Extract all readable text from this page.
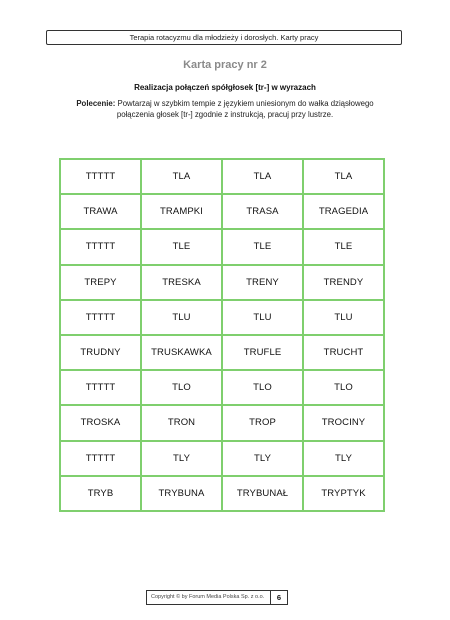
Terapia rotacyzmu dla młodzieży i dorosłych. Karty pracy
Karta pracy nr 2
Realizacja połączeń spółgłosek [tr-] w wyrazach
Polecenie: Powtarzaj w szybkim tempie z językiem uniesionym do wałka dziąsłowego połączenia głosek [tr-] zgodnie z instrukcją, pracuj przy lustrze.
TTTTT	TLA	TLA	TLA
TRAWA	TRAMPKI	TRASA	TRAGEDIA
TTTTT	TLE	TLE	TLE
TREPY	TRESKA	TRENY	TRENDY
TTTTT	TLU	TLU	TLU
TRUDNY	TRUSKAWKA	TRUFLE	TRUCHT
TTTTT	TLO	TLO	TLO
TROSKA	TRON	TROP	TROCINY
TTTTT	TLY	TLY	TLY
TRYB	TRYBUNA	TRYBUNAŁ	TRYPTYK
Copyright © by Forum Media Polska Sp. z o.o.	6
